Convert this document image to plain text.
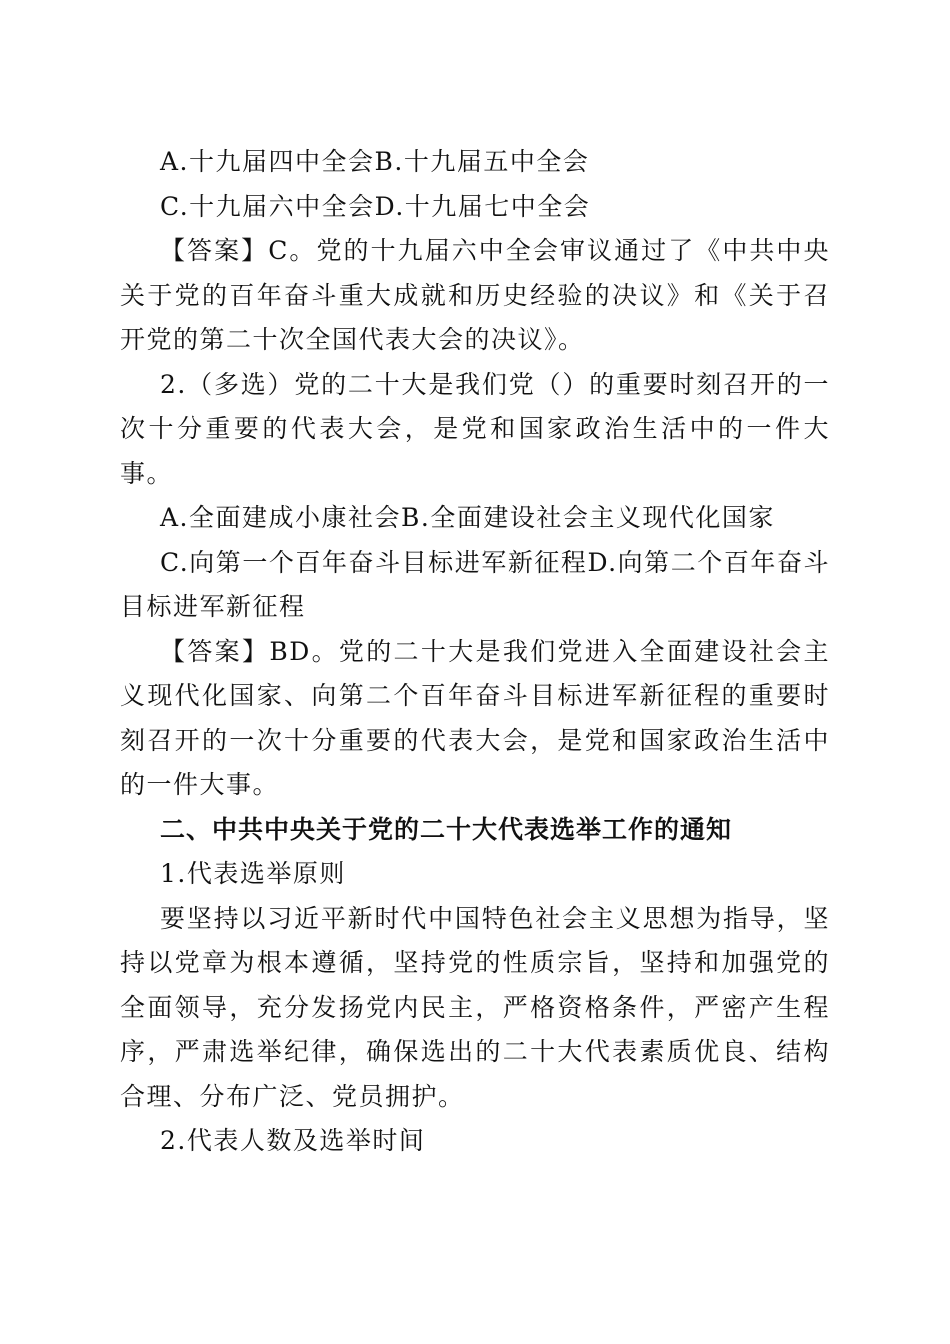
A.十九届四中全会B.十九届五中全会

C.十九届六中全会D.十九届七中全会

【答案】C。党的十九届六中全会审议通过了《中共中央关于党的百年奋斗重大成就和历史经验的决议》和《关于召开党的第二十次全国代表大会的决议》。

2.（多选）党的二十大是我们党（）的重要时刻召开的一次十分重要的代表大会，是党和国家政治生活中的一件大事。

A.全面建成小康社会B.全面建设社会主义现代化国家

C.向第一个百年奋斗目标进军新征程D.向第二个百年奋斗目标进军新征程

【答案】BD。党的二十大是我们党进入全面建设社会主义现代化国家、向第二个百年奋斗目标进军新征程的重要时刻召开的一次十分重要的代表大会，是党和国家政治生活中的一件大事。

二、中共中央关于党的二十大代表选举工作的通知

1.代表选举原则

要坚持以习近平新时代中国特色社会主义思想为指导，坚持以党章为根本遵循，坚持党的性质宗旨，坚持和加强党的全面领导，充分发扬党内民主，严格资格条件，严密产生程序，严肃选举纪律，确保选出的二十大代表素质优良、结构合理、分布广泛、党员拥护。

2.代表人数及选举时间
